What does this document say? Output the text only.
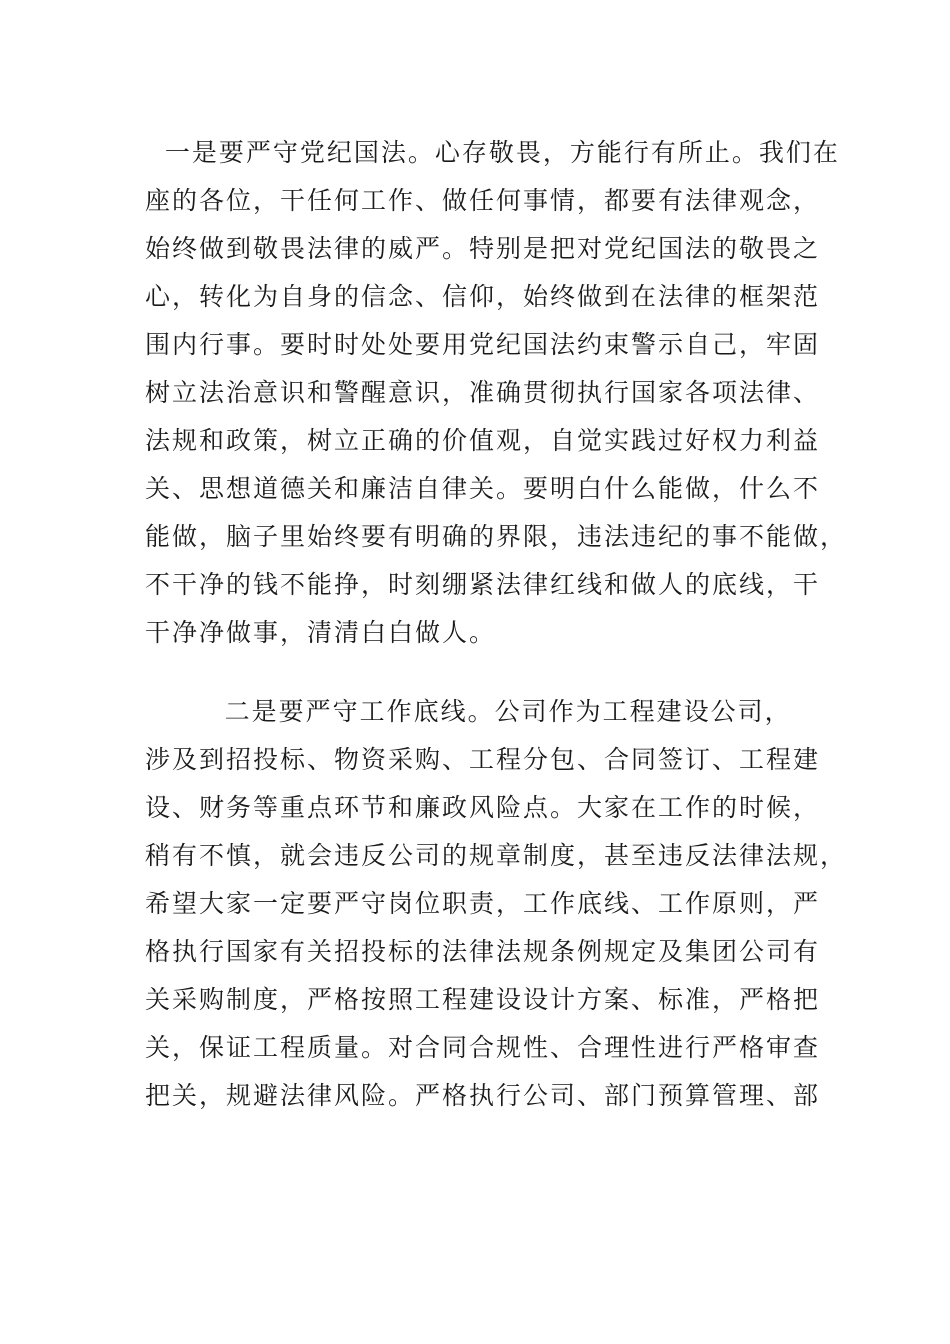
一是要严守党纪国法。心存敬畏，方能行有所止。我们在
座的各位，干任何工作、做任何事情，都要有法律观念，
始终做到敬畏法律的威严。特别是把对党纪国法的敬畏之
心，转化为自身的信念、信仰，始终做到在法律的框架范
围内行事。要时时处处要用党纪国法约束警示自己，牢固
树立法治意识和警醒意识，准确贯彻执行国家各项法律、
法规和政策，树立正确的价值观，自觉实践过好权力利益
关、思想道德关和廉洁自律关。要明白什么能做，什么不
能做，脑子里始终要有明确的界限，违法违纪的事不能做，
不干净的钱不能挣，时刻绷紧法律红线和做人的底线，干
干净净做事，清清白白做人。
二是要严守工作底线。公司作为工程建设公司，
涉及到招投标、物资采购、工程分包、合同签订、工程建
设、财务等重点环节和廉政风险点。大家在工作的时候，
稍有不慎，就会违反公司的规章制度，甚至违反法律法规，
希望大家一定要严守岗位职责，工作底线、工作原则，严
格执行国家有关招投标的法律法规条例规定及集团公司有
关采购制度，严格按照工程建设设计方案、标准，严格把
关，保证工程质量。对合同合规性、合理性进行严格审查
把关，规避法律风险。严格执行公司、部门预算管理、部
